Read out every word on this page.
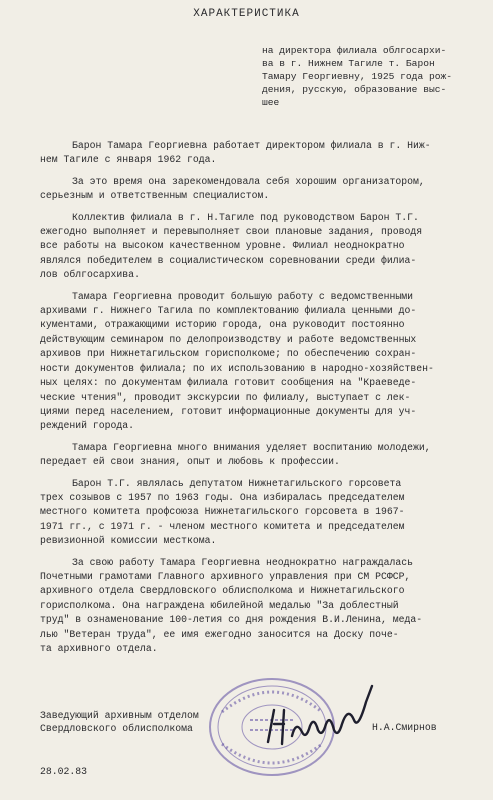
ХАРАКТЕРИСТИКА
на директора филиала облгосархи-
ва в г. Нижнем Тагиле т. Барон
Тамару Георгиевну, 1925 года рож-
дения, русскую, образование выс-
шее
Барон Тамара Георгиевна работает директором филиала в г. Ниж-
нем Тагиле с января 1962 года.
За это время она зарекомендовала себя хорошим организатором,
серьезным и ответственным специалистом.
Коллектив филиала в г. Н.Тагиле под руководством Барон Т.Г.
ежегодно выполняет и перевыполняет свои плановые задания, проводя
все работы на высоком качественном уровне. Филиал неоднократно
являлся победителем в социалистическом соревновании среди филиа-
лов облгосархива.
Тамара Георгиевна проводит большую работу с ведомственными
архивами г. Нижнего Тагила по комплектованию филиала ценными до-
кументами, отражающими историю города, она руководит постоянно
действующим семинаром по делопроизводству и работе ведомственных
архивов при Нижнетагильском горисполкоме; по обеспечению сохран-
ности документов филиала; по их использованию в народно-хозяйствен-
ных целях: по документам филиала готовит сообщения на "Краеведе-
ческие чтения", проводит экскурсии по филиалу, выступает с лек-
циями перед населением, готовит информационные документы для уч-
реждений города.
Тамара Георгиевна много внимания уделяет воспитанию молодежи,
передает ей свои знания, опыт и любовь к профессии.
Барон Т.Г. являлась депутатом Нижнетагильского горсовета
трех созывов с 1957 по 1963 годы. Она избиралась председателем
местного комитета профсоюза Нижнетагильского горсовета в 1967-
1971 гг., с 1971 г. - членом местного комитета и председателем
ревизионной комиссии месткома.
За свою работу Тамара Георгиевна неоднократно награждалась
Почетными грамотами Главного архивного управления при СМ РСФСР,
архивного отдела Свердловского облисполкома и Нижнетагильского
горисполкома. Она награждена юбилейной медалью "За доблестный
труд" в ознаменование 100-летия со дня рождения В.И.Ленина, меда-
лью "Ветеран труда", ее имя ежегодно заносится на Доску поче-
та архивного отдела.
Заведующий архивным отделом
Свердловского облисполкома	Н.А.Смирнов
28.02.83
